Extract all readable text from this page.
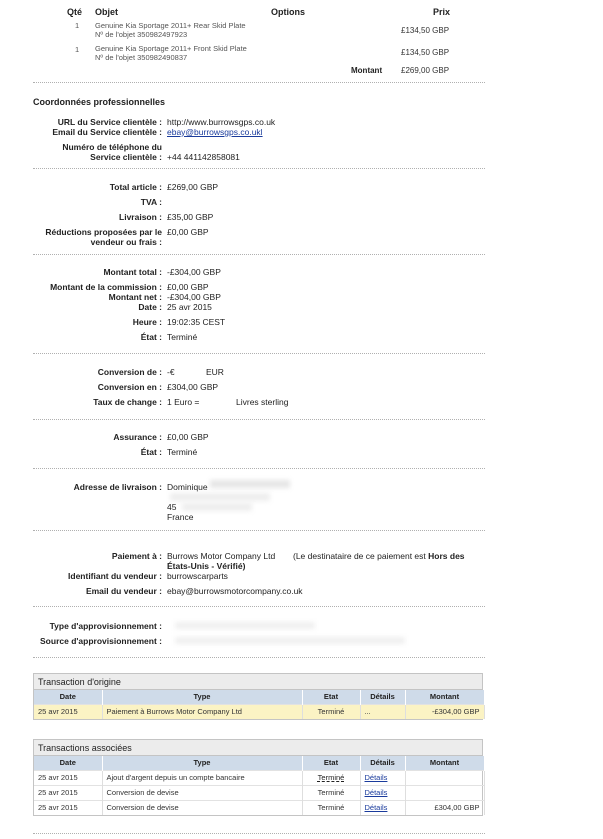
Qté Objet	Options	Prix
1 Genuine Kia Sportage 2011+ Rear Skid Plate
Nº de l'objet 350982497923	£134,50 GBP
1 Genuine Kia Sportage 2011+ Front Skid Plate
Nº de l'objet 350982490837
£134,50 GBP
Montant £269,00 GBP
Coordonnées professionnelles
URL du Service clientèle : http://www.burrowsgps.co.uk
Email du Service clientèle : ebay@burrowsgps.co.ukl
Numéro de téléphone du
Service clientèle : +44 441142858081
Total article : £269,00 GBP
TVA :
Livraison : £35,00 GBP
Réductions proposées par le
vendeur ou frais :
£0,00 GBP
Montant total : -£304,00 GBP
Montant de la commission : £0,00 GBP
Montant net : -£304,00 GBP
Date : 25 avr 2015
Heure : 19:02:35 CEST
État : Terminé
Conversion de : -€	EUR
Conversion en : £304,00 GBP
Taux de change : 1 Euro =	Livres sterling
Assurance : £0,00 GBP
État : Terminé
Adresse de livraison : Dominique
45
France
Paiement à : Burrows Motor Company Ltd (Le destinataire de ce paiement est Hors des
États-Unis - Vérifié)
Identifiant du vendeur : burrowscarparts
Email du vendeur : ebay@burrowsmotorcompany.co.uk
Type d'approvisionnement :
Source d'approvisionnement :
Transaction d'origine
Date	Type	Etat	Détails	Montant
25 avr 2015	Paiement à Burrows Motor Company Ltd	Terminé	...	-£304,00 GBP
Transactions associées
Date	Type	Etat	Détails	Montant
25 avr 2015	Ajout d'argent depuis un compte bancaire	Terminé	Détails	
25 avr 2015	Conversion de devise	Terminé	Détails	
25 avr 2015	Conversion de devise	Terminé	Détails	£304,00 GBP
